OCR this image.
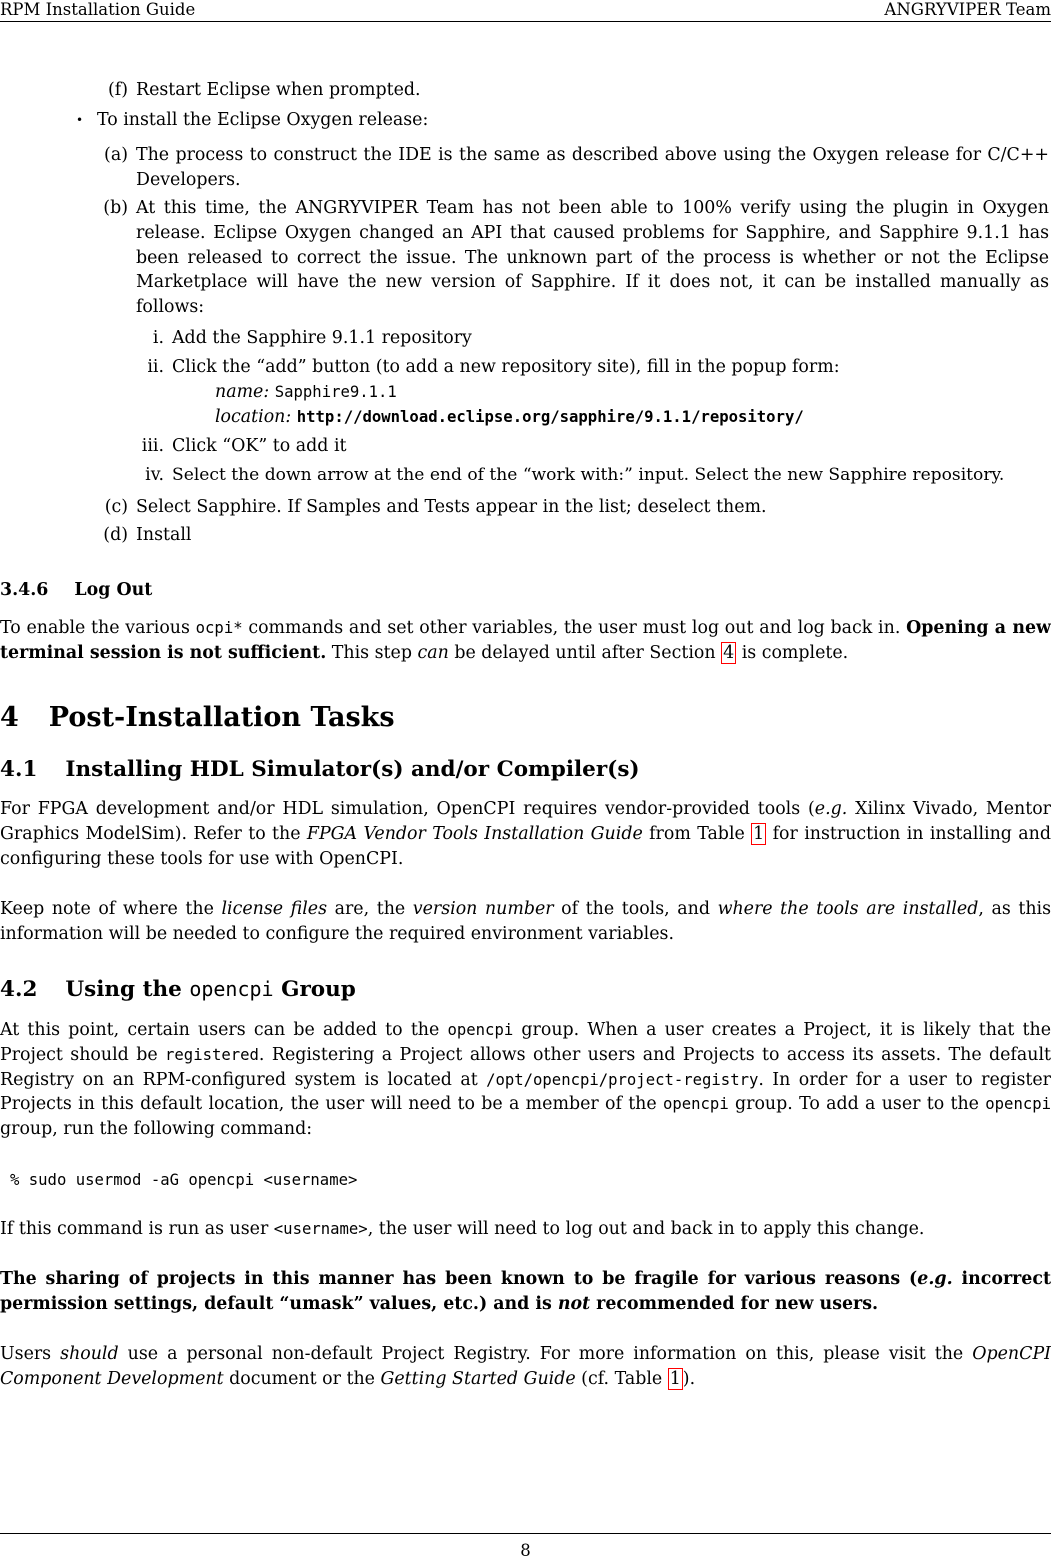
RPM Installation Guide	ANGRYVIPER Team
(f) Restart Eclipse when prompted.
• To install the Eclipse Oxygen release:
(a) The process to construct the IDE is the same as described above using the Oxygen release for C/C++ Developers.
(b) At this time, the ANGRYVIPER Team has not been able to 100% verify using the plugin in Oxygen release. Eclipse Oxygen changed an API that caused problems for Sapphire, and Sapphire 9.1.1 has been released to correct the issue. The unknown part of the process is whether or not the Eclipse Marketplace will have the new version of Sapphire. If it does not, it can be installed manually as follows:
i. Add the Sapphire 9.1.1 repository
ii. Click the “add” button (to add a new repository site), fill in the popup form:
name: Sapphire9.1.1
location: http://download.eclipse.org/sapphire/9.1.1/repository/
iii. Click “OK” to add it
iv. Select the down arrow at the end of the “work with:” input. Select the new Sapphire repository.
(c) Select Sapphire. If Samples and Tests appear in the list; deselect them.
(d) Install
3.4.6 Log Out
To enable the various ocpi* commands and set other variables, the user must log out and log back in. Opening a new terminal session is not sufficient. This step can be delayed until after Section 4 is complete.
4 Post-Installation Tasks
4.1 Installing HDL Simulator(s) and/or Compiler(s)
For FPGA development and/or HDL simulation, OpenCPI requires vendor-provided tools (e.g. Xilinx Vivado, Mentor Graphics ModelSim). Refer to the FPGA Vendor Tools Installation Guide from Table 1 for instruction in installing and configuring these tools for use with OpenCPI.
Keep note of where the license files are, the version number of the tools, and where the tools are installed, as this information will be needed to configure the required environment variables.
4.2 Using the opencpi Group
At this point, certain users can be added to the opencpi group. When a user creates a Project, it is likely that the Project should be registered. Registering a Project allows other users and Projects to access its assets. The default Registry on an RPM-configured system is located at /opt/opencpi/project-registry. In order for a user to register Projects in this default location, the user will need to be a member of the opencpi group. To add a user to the opencpi group, run the following command:
% sudo usermod -aG opencpi <username>
If this command is run as user <username>, the user will need to log out and back in to apply this change.
The sharing of projects in this manner has been known to be fragile for various reasons (e.g. incorrect permission settings, default “umask” values, etc.) and is not recommended for new users.
Users should use a personal non-default Project Registry. For more information on this, please visit the OpenCPI Component Development document or the Getting Started Guide (cf. Table 1 ).
8
